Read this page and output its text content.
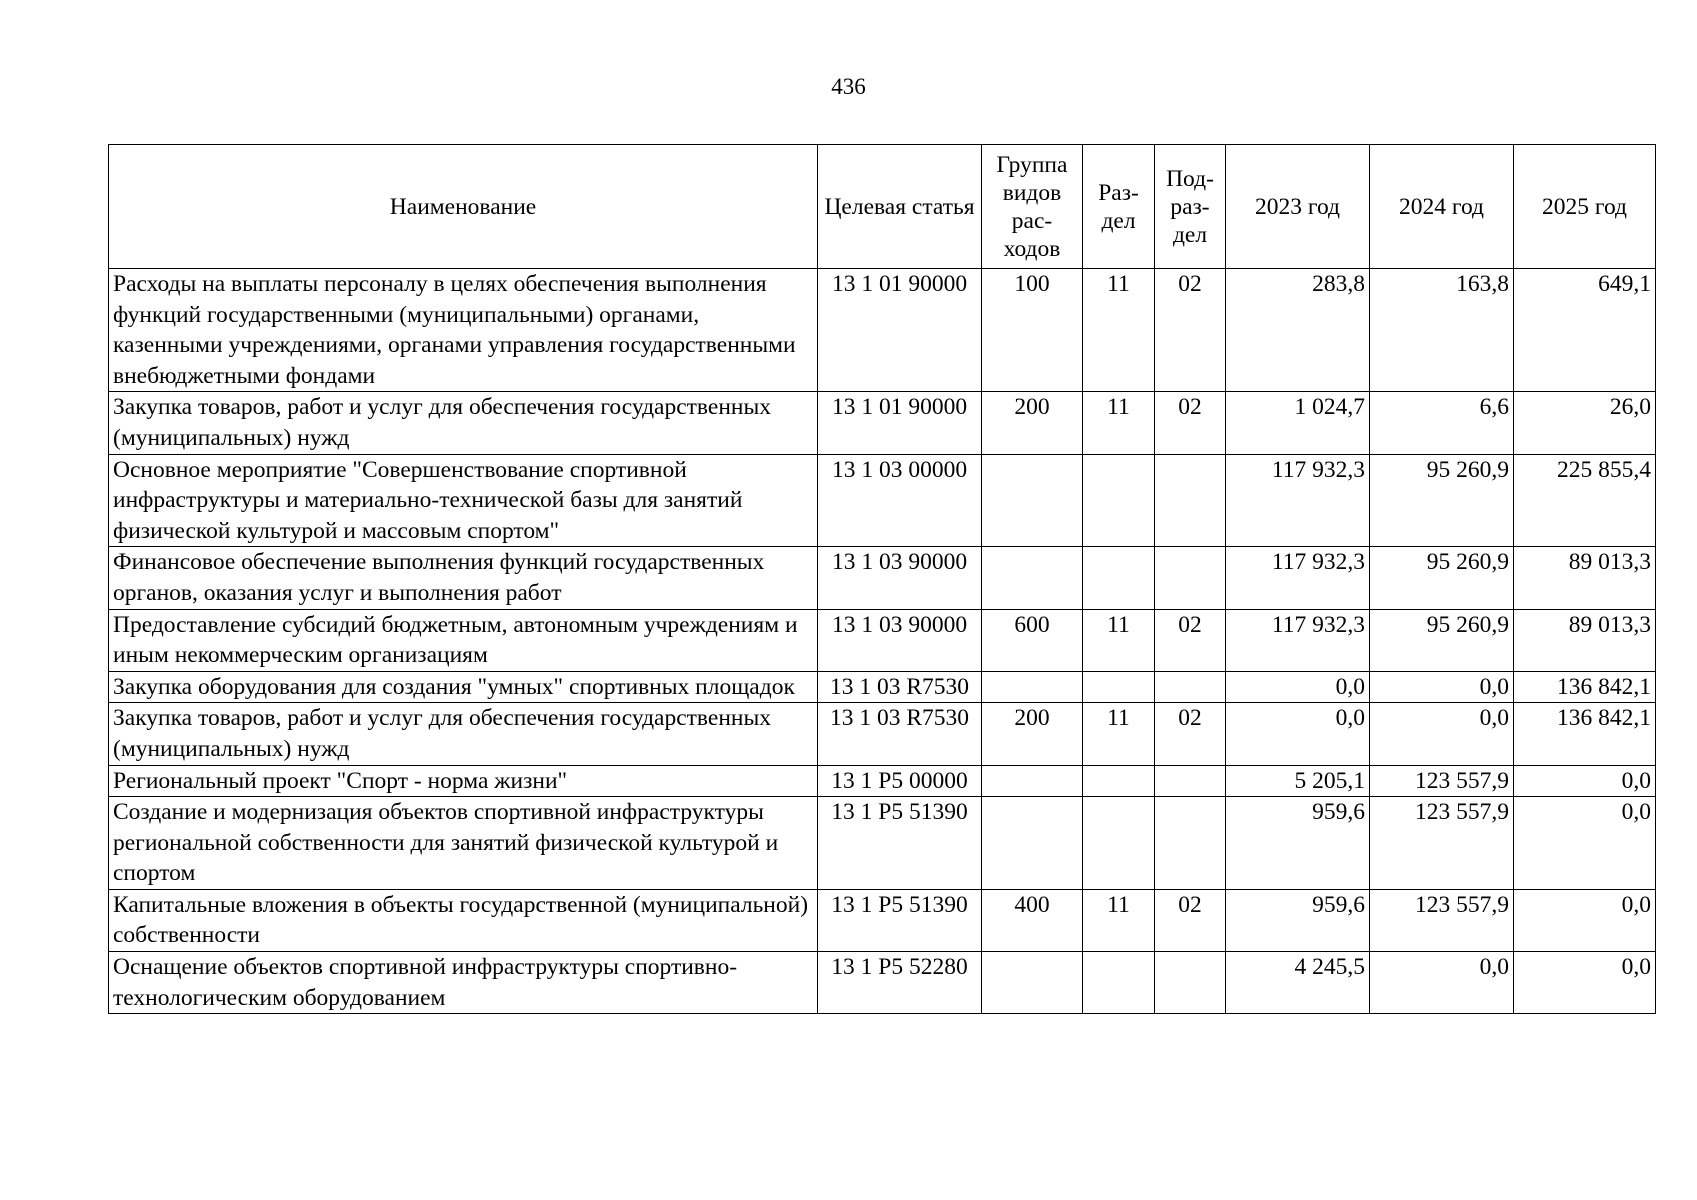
436
Наименование	Целевая статья	Группа видов рас-ходов	Раз-дел	Под-раз-дел	2023 год	2024 год	2025 год
Расходы на выплаты персоналу в целях обеспечения выполнения функций государственными (муниципальными) органами, казенными учреждениями, органами управления государственными внебюджетными фондами	13 1 01 90000	100	11	02	283,8	163,8	649,1
Закупка товаров, работ и услуг для обеспечения государственных (муниципальных) нужд	13 1 01 90000	200	11	02	1 024,7	6,6	26,0
Основное мероприятие "Совершенствование спортивной инфраструктуры и материально-технической базы для занятий физической культурой и массовым спортом"	13 1 03 00000				117 932,3	95 260,9	225 855,4
Финансовое обеспечение выполнения функций государственных органов, оказания услуг и выполнения работ	13 1 03 90000				117 932,3	95 260,9	89 013,3
Предоставление субсидий бюджетным, автономным учреждениям и иным некоммерческим организациям	13 1 03 90000	600	11	02	117 932,3	95 260,9	89 013,3
Закупка оборудования для создания "умных" спортивных площадок	13 1 03 R7530				0,0	0,0	136 842,1
Закупка товаров, работ и услуг для обеспечения государственных (муниципальных) нужд	13 1 03 R7530	200	11	02	0,0	0,0	136 842,1
Региональный проект "Спорт - норма жизни"	13 1 P5 00000				5 205,1	123 557,9	0,0
Создание и модернизация объектов спортивной инфраструктуры региональной собственности для занятий физической культурой и спортом	13 1 P5 51390				959,6	123 557,9	0,0
Капитальные вложения в объекты государственной (муниципальной) собственности	13 1 P5 51390	400	11	02	959,6	123 557,9	0,0
Оснащение объектов спортивной инфраструктуры спортивно-технологическим оборудованием	13 1 P5 52280				4 245,5	0,0	0,0
